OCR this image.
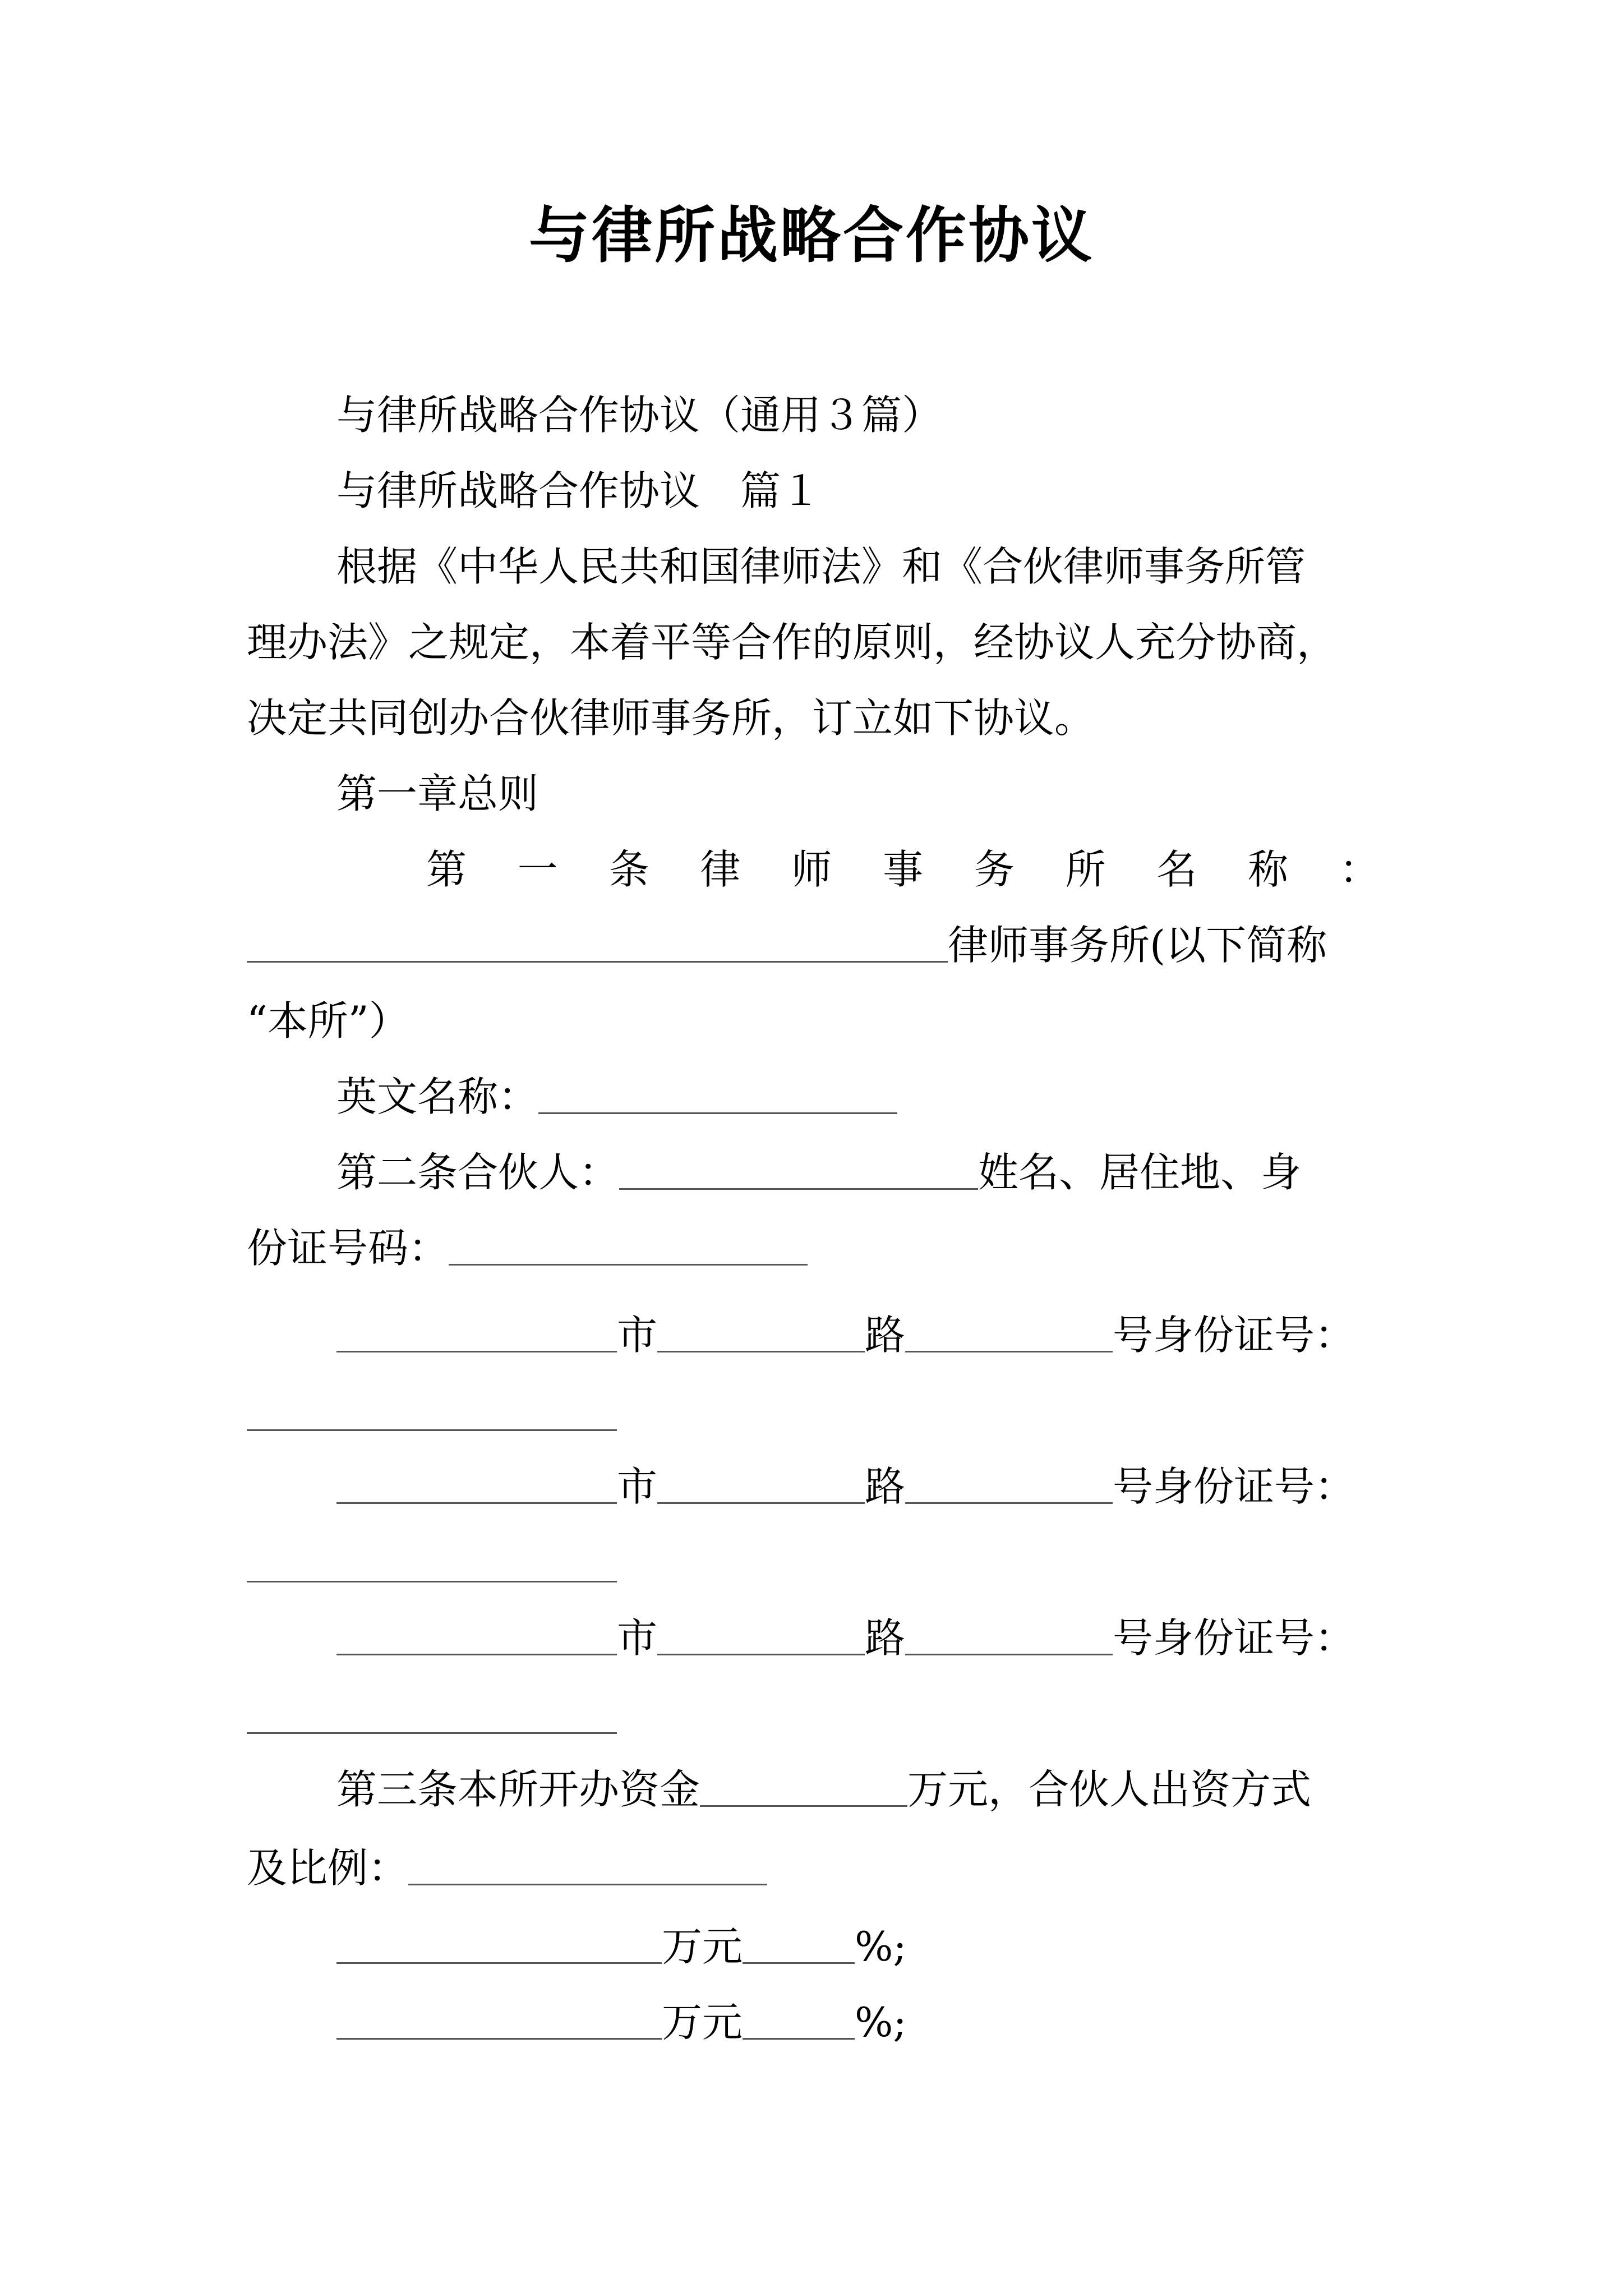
与律所战略合作协议
与律所战略合作协议（通用３篇）
与律所战略合作协议　篇１
根据《中华人民共和国律师法》和《合伙律师事务所管
理办法》之规定，本着平等合作的原则，经协议人充分协商，
决定共同创办合伙律师事务所，订立如下协议。
第一章总则
第 一 条 律 师 事 务 所 名 称 ：
律师事务所(以下简称
“本所”）
英文名称：
第二条合伙人：	姓名、居住地、身
份证号码：
市	路	号身份证号：
市	路	号身份证号：
市	路	号身份证号：
第三条本所开办资金	万元，合伙人出资方式
及比例：
万元	%;
万元	%;
